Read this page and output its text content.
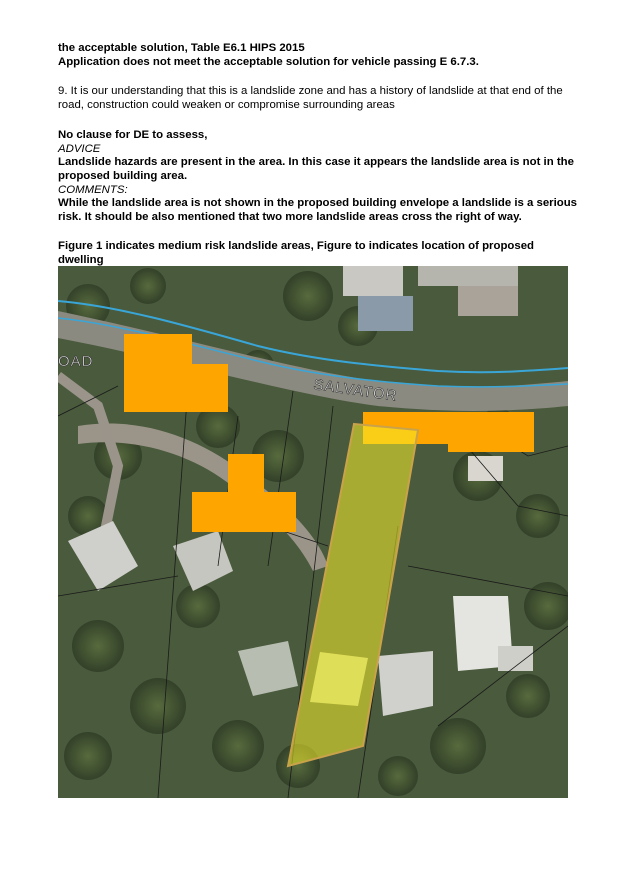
the acceptable solution, Table E6.1 HIPS 2015
Application does not meet the acceptable solution for vehicle passing E 6.7.3.
9. It is our understanding that this is a landslide zone and has a history of landslide at that end of the road, construction could weaken or compromise surrounding areas
No clause for DE to assess,
ADVICE
Landslide hazards are present in the area. In this case it appears the landslide area is not in the proposed building area.
COMMENTS:
While the landslide area is not shown in the proposed building envelope a landslide is a serious risk. It should be also mentioned that two more landslide areas cross the right of way.
Figure 1 indicates medium risk landslide areas, Figure to indicates location of proposed dwelling
SALVATOR
OAD
